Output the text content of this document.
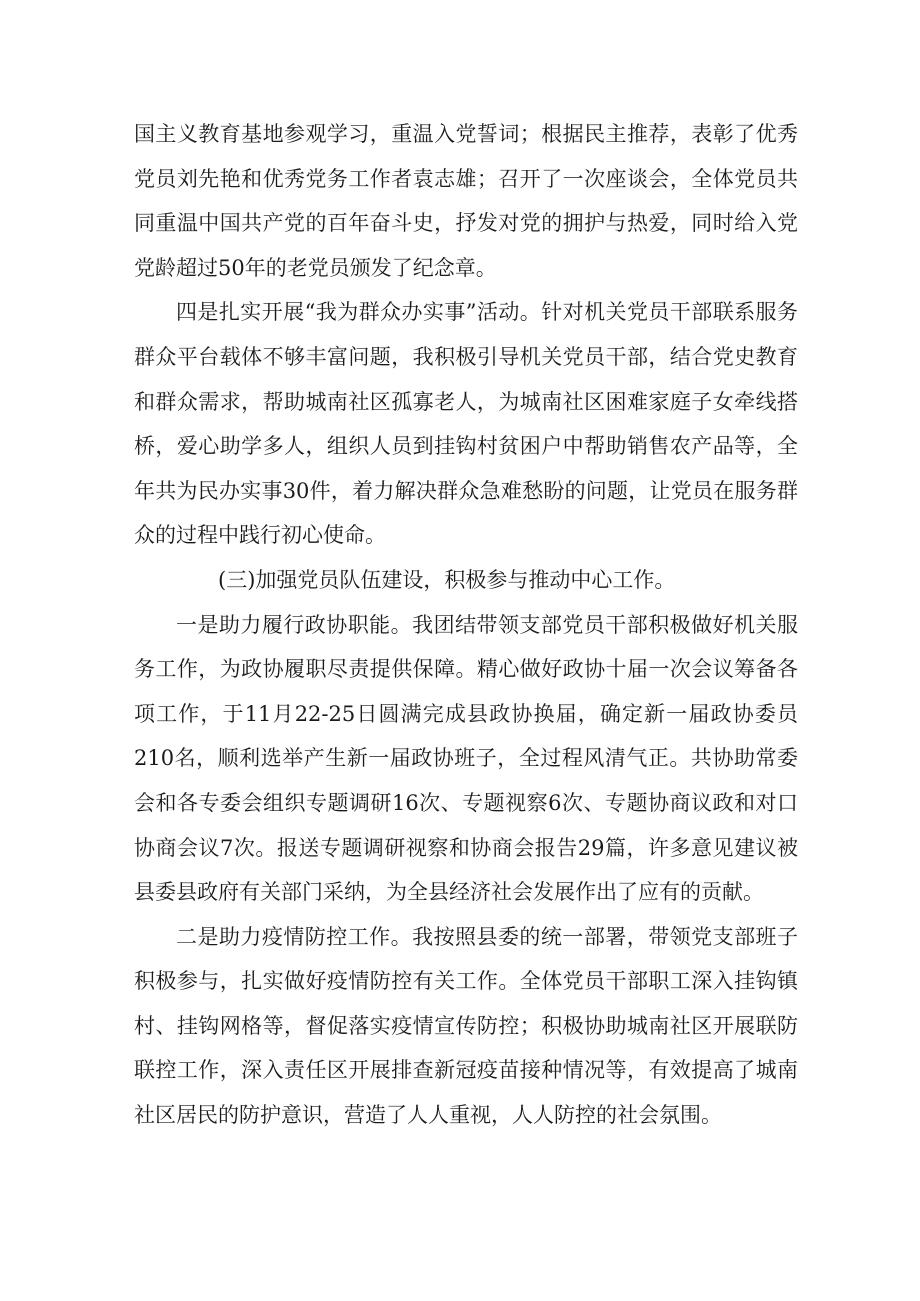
国主义教育基地参观学习，重温入党誓词；根据民主推荐，表彰了优秀党员刘先艳和优秀党务工作者袁志雄；召开了一次座谈会，全体党员共同重温中国共产党的百年奋斗史，抒发对党的拥护与热爱，同时给入党党龄超过50年的老党员颁发了纪念章。

四是扎实开展“我为群众办实事”活动。针对机关党员干部联系服务群众平台载体不够丰富问题，我积极引导机关党员干部，结合党史教育和群众需求，帮助城南社区孤寡老人，为城南社区困难家庭子女牵线搭桥，爱心助学多人，组织人员到挂钩村贫困户中帮助销售农产品等，全年共为民办实事30件，着力解决群众急难愁盼的问题，让党员在服务群众的过程中践行初心使命。

(三)加强党员队伍建设，积极参与推动中心工作。

一是助力履行政协职能。我团结带领支部党员干部积极做好机关服务工作，为政协履职尽责提供保障。精心做好政协十届一次会议筹备各项工作，于11月22-25日圆满完成县政协换届，确定新一届政协委员210名，顺利选举产生新一届政协班子，全过程风清气正。共协助常委会和各专委会组织专题调研16次、专题视察6次、专题协商议政和对口协商会议7次。报送专题调研视察和协商会报告29篇，许多意见建议被县委县政府有关部门采纳，为全县经济社会发展作出了应有的贡献。

二是助力疫情防控工作。我按照县委的统一部署，带领党支部班子积极参与，扎实做好疫情防控有关工作。全体党员干部职工深入挂钩镇村、挂钩网格等，督促落实疫情宣传防控；积极协助城南社区开展联防联控工作，深入责任区开展排查新冠疫苗接种情况等，有效提高了城南社区居民的防护意识，营造了人人重视，人人防控的社会氛围。
